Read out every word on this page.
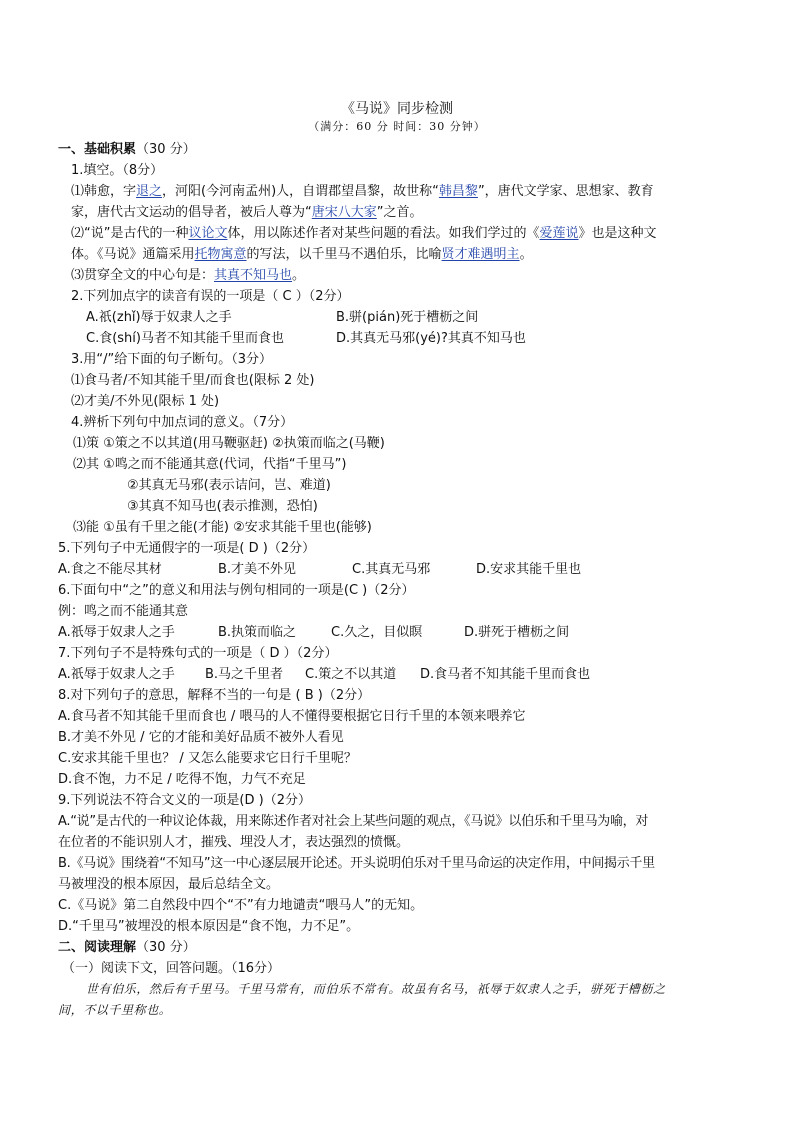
《马说》同步检测
（满分：60 分 时间：30 分钟）
一、基础积累（30 分）
1.填空。（8分）
⑴韩愈，字退之，河阳(今河南孟州)人，自谓郡望昌黎，故世称“韩昌黎”，唐代文学家、思想家、教育
家，唐代古文运动的倡导者，被后人尊为“唐宋八大家”之首。
⑵“说”是古代的一种议论文体，用以陈述作者对某些问题的看法。如我们学过的《爱莲说》也是这种文
体。《马说》通篇采用托物寓意的写法，以千里马不遇伯乐，比喻贤才难遇明主。
⑶贯穿全文的中心句是：其真不知马也。
2.下列加点字的读音有误的一项是（ C ）（2分）
A.祇(zhǐ)辱于奴隶人之手	B.骈(pián)死于槽枥之间
C.食(shí)马者不知其能千里而食也	D.其真无马邪(yé)?其真不知马也
3.用“/”给下面的句子断句。（3分）
⑴食马者/不知其能千里/而食也(限标 2 处)
⑵才美/不外见(限标 1 处)
4.辨析下列句中加点词的意义。（7分）
⑴策 ①策之不以其道(用马鞭驱赶) ②执策而临之(马鞭)
⑵其 ①鸣之而不能通其意(代词，代指“千里马”)
②其真无马邪(表示诘问，岂、难道)
③其真不知马也(表示推测，恐怕)
⑶能 ①虽有千里之能(才能) ②安求其能千里也(能够)
5.下列句子中无通假字的一项是( D )（2分）
A.食之不能尽其材	B.才美不外见	C.其真无马邪	D.安求其能千里也
6.下面句中“之”的意义和用法与例句相同的一项是(C )（2分）
例：鸣之而不能通其意
A.祇辱于奴隶人之手	B.执策而临之	C.久之，目似瞑	D.骈死于槽枥之间
7.下列句子不是特殊句式的一项是（ D ）（2分）
A.祇辱于奴隶人之手 B.马之千里者 C.策之不以其道 D.食马者不知其能千里而食也
8.对下列句子的意思，解释不当的一句是 ( B )（2分）
A.食马者不知其能千里而食也 / 喂马的人不懂得要根据它日行千里的本领来喂养它
B.才美不外见 / 它的才能和美好品质不被外人看见
C.安求其能千里也？ / 又怎么能要求它日行千里呢？
D.食不饱，力不足 / 吃得不饱，力气不充足
9.下列说法不符合文义的一项是(D )（2分）
A.“说”是古代的一种议论体裁，用来陈述作者对社会上某些问题的观点，《马说》以伯乐和千里马为喻，对
在位者的不能识别人才，摧残、埋没人才，表达强烈的愤慨。
B.《马说》围绕着“不知马”这一中心逐层展开论述。开头说明伯乐对千里马命运的决定作用，中间揭示千里
马被埋没的根本原因，最后总结全文。
C.《马说》第二自然段中四个“不”有力地谴责“喂马人”的无知。
D.“千里马”被埋没的根本原因是“食不饱，力不足”。
二、阅读理解（30 分）
（一）阅读下文，回答问题。（16分）
世有伯乐，然后有千里马。千里马常有，而伯乐不常有。故虽有名马，祇辱于奴隶人之手，骈死于槽枥之
间，不以千里称也。
